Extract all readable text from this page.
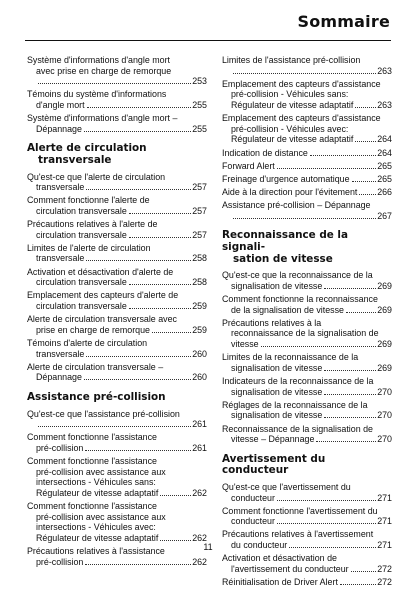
Sommaire
Système d'informations d'angle mort
avec prise en charge de remorque
253
Témoins du système d'informations
d'angle mort	255
Système d'informations d'angle mort –
Dépannage	255
Alerte de circulation
transversale
Qu'est-ce que l'alerte de circulation
transversale	257
Comment fonctionne l'alerte de
circulation transversale	257
Précautions relatives à l'alerte de
circulation transversale	257
Limites de l'alerte de circulation
transversale	258
Activation et désactivation d'alerte de
circulation transversale	258
Emplacement des capteurs d'alerte de
circulation transversale	259
Alerte de circulation transversale avec
prise en charge de remorque	259
Témoins d'alerte de circulation
transversale	260
Alerte de circulation transversale –
Dépannage	260
Assistance pré-collision
Qu'est-ce que l'assistance pré-collision
261
Comment fonctionne l'assistance
pré-collision	261
Comment fonctionne l'assistance
pré-collision avec assistance aux
intersections - Véhicules sans:
Régulateur de vitesse adaptatif	262
Comment fonctionne l'assistance
pré-collision avec assistance aux
intersections - Véhicules avec:
Régulateur de vitesse adaptatif	262
Précautions relatives à l'assistance
pré-collision	262
Limites de l'assistance pré-collision
263
Emplacement des capteurs d'assistance
pré-collision - Véhicules sans:
Régulateur de vitesse adaptatif	263
Emplacement des capteurs d'assistance
pré-collision - Véhicules avec:
Régulateur de vitesse adaptatif	264
Indication de distance	264
Forward Alert	265
Freinage d'urgence automatique	265
Aide à la direction pour l'évitement 266
Assistance pré-collision – Dépannage
267
Reconnaissance de la signali-
sation de vitesse
Qu'est-ce que la reconnaissance de la
signalisation de vitesse	269
Comment fonctionne la reconnaissance
de la signalisation de vitesse	269
Précautions relatives à la
reconnaissance de la signalisation de
vitesse	269
Limites de la reconnaissance de la
signalisation de vitesse	269
Indicateurs de la reconnaissance de la
signalisation de vitesse	270
Réglages de la reconnaissance de la
signalisation de vitesse	270
Reconnaissance de la signalisation de
vitesse – Dépannage	270
Avertissement du conducteur
Qu'est-ce que l'avertissement du
conducteur	271
Comment fonctionne l'avertissement du
conducteur	271
Précautions relatives à l'avertissement
du conducteur	271
Activation et désactivation de
l'avertissement du conducteur	272
Réinitialisation de Driver Alert	272
11
